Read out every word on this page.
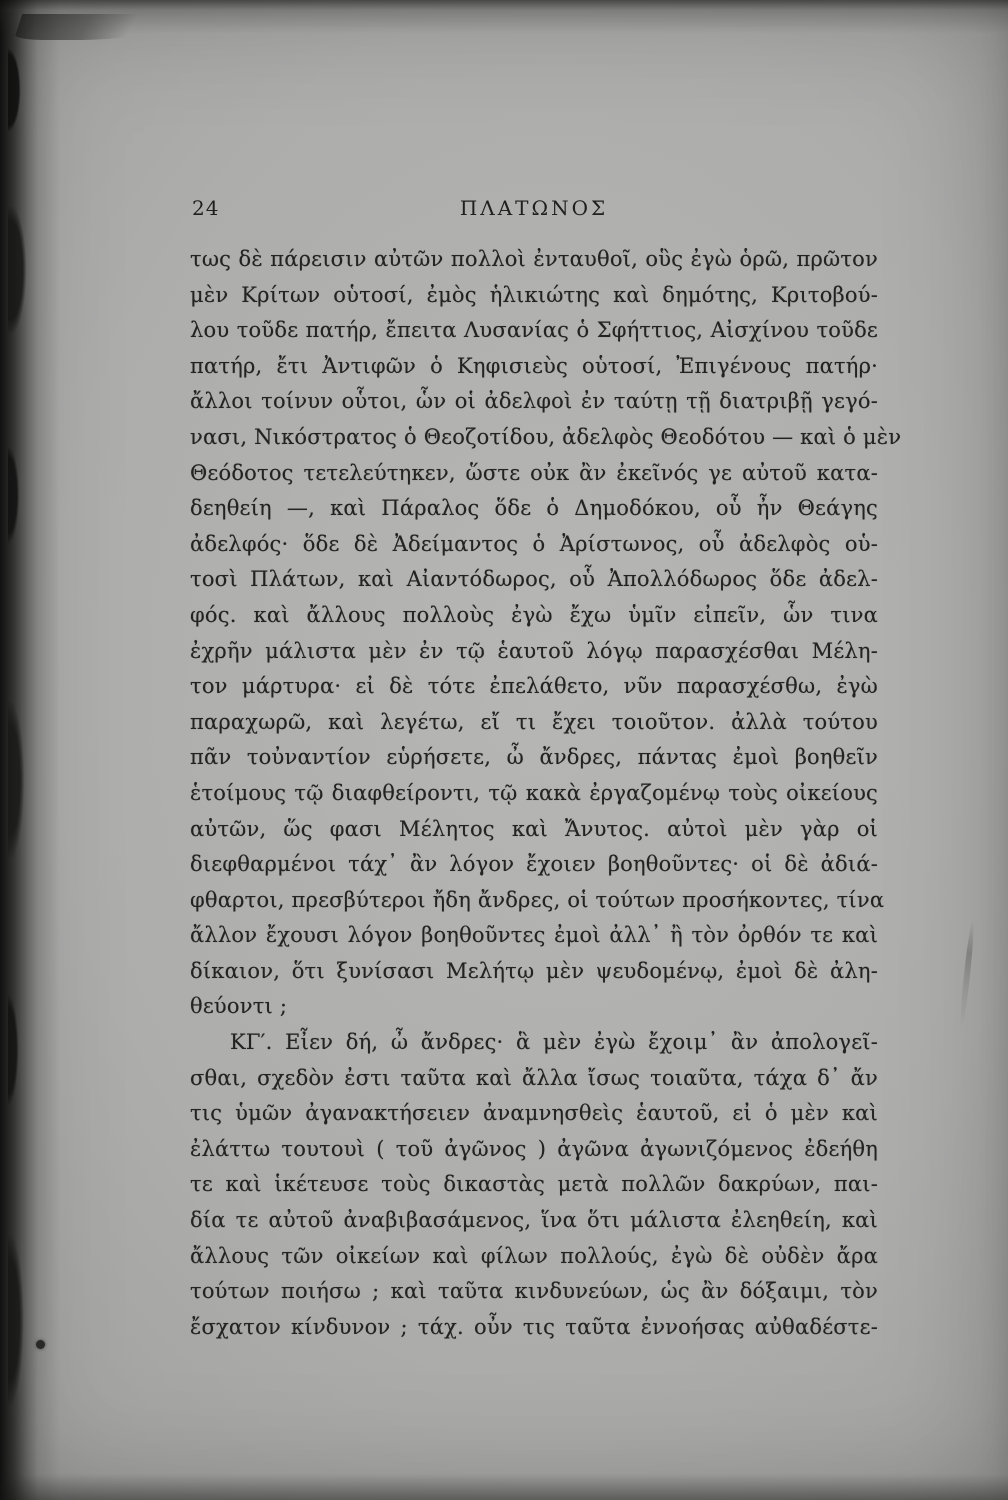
24	ΠΛΑΤΩΝΟΣ
τως δὲ πάρεισιν αὐτῶν πολλοὶ ἐνταυθοῖ, οὓς ἐγὼ ὁρῶ, πρῶτον
μὲν Κρίτων οὑτοσί, ἐμὸς ἡλικιώτης καὶ δημότης, Κριτοβού-
λου τοῦδε πατήρ, ἔπειτα Λυσανίας ὁ Σφήττιος, Αἰσχίνου τοῦδε
πατήρ, ἔτι Ἀντιφῶν ὁ Κηφισιεὺς οὑτοσί, Ἐπιγένους πατήρ·
ἄλλοι τοίνυν οὗτοι, ὧν οἱ ἀδελφοὶ ἐν ταύτῃ τῇ διατριβῇ γεγό-
νασι, Νικόστρατος ὁ Θεοζοτίδου, ἀδελφὸς Θεοδότου — καὶ ὁ μὲν
Θεόδοτος τετελεύτηκεν, ὥστε οὐκ ἂν ἐκεῖνός γε αὐτοῦ κατα-
δεηθείη —, καὶ Πάραλος ὅδε ὁ Δημοδόκου, οὗ ἦν Θεάγης
ἀδελφός· ὅδε δὲ Ἀδείμαντος ὁ Ἀρίστωνος, οὗ ἀδελφὸς οὑ-
τοσὶ Πλάτων, καὶ Αἰαντόδωρος, οὗ Ἀπολλόδωρος ὅδε ἀδελ-
φός. καὶ ἄλλους πολλοὺς ἐγὼ ἔχω ὑμῖν εἰπεῖν, ὧν τινα
ἐχρῆν μάλιστα μὲν ἐν τῷ ἑαυτοῦ λόγῳ παρασχέσθαι Μέλη-
τον μάρτυρα· εἰ δὲ τότε ἐπελάθετο, νῦν παρασχέσθω, ἐγὼ
παραχωρῶ, καὶ λεγέτω, εἴ τι ἔχει τοιοῦτον. ἀλλὰ τούτου
πᾶν τοὐναντίον εὑρήσετε, ὦ ἄνδρες, πάντας ἐμοὶ βοηθεῖν
ἑτοίμους τῷ διαφθείροντι, τῷ κακὰ ἐργαζομένῳ τοὺς οἰκείους
αὐτῶν, ὥς φασι Μέλητος καὶ Ἄνυτος. αὐτοὶ μὲν γὰρ οἱ
διεφθαρμένοι τάχ᾽ ἂν λόγον ἔχοιεν βοηθοῦντες· οἱ δὲ ἀδιά-
φθαρτοι, πρεσβύτεροι ἤδη ἄνδρες, οἱ τούτων προσήκοντες, τίνα
ἄλλον ἔχουσι λόγον βοηθοῦντες ἐμοὶ ἀλλ᾽ ἢ τὸν ὀρθόν τε καὶ
δίκαιον, ὅτι ξυνίσασι Μελήτῳ μὲν ψευδομένῳ, ἐμοὶ δὲ ἀλη-
θεύοντι ;
ΚΓ′. Εἶεν δή, ὦ ἄνδρες· ἃ μὲν ἐγὼ ἔχοιμ᾽ ἂν ἀπολογεῖ-
σθαι, σχεδὸν ἐστι ταῦτα καὶ ἄλλα ἴσως τοιαῦτα, τάχα δ᾽ ἄν
τις ὑμῶν ἀγανακτήσειεν ἀναμνησθεὶς ἑαυτοῦ, εἰ ὁ μὲν καὶ
ἐλάττω τουτουὶ ( τοῦ ἀγῶνος ) ἀγῶνα ἀγωνιζόμενος ἐδεήθη
τε καὶ ἱκέτευσε τοὺς δικαστὰς μετὰ πολλῶν δακρύων, παι-
δία τε αὐτοῦ ἀναβιβασάμενος, ἵνα ὅτι μάλιστα ἐλεηθείη, καὶ
ἄλλους τῶν οἰκείων καὶ φίλων πολλούς, ἐγὼ δὲ οὐδὲν ἄρα
τούτων ποιήσω ; καὶ ταῦτα κινδυνεύων, ὡς ἂν δόξαιμι, τὸν
ἔσχατον κίνδυνον ; τάχ. οὖν τις ταῦτα ἐννοήσας αὐθαδέστε-
